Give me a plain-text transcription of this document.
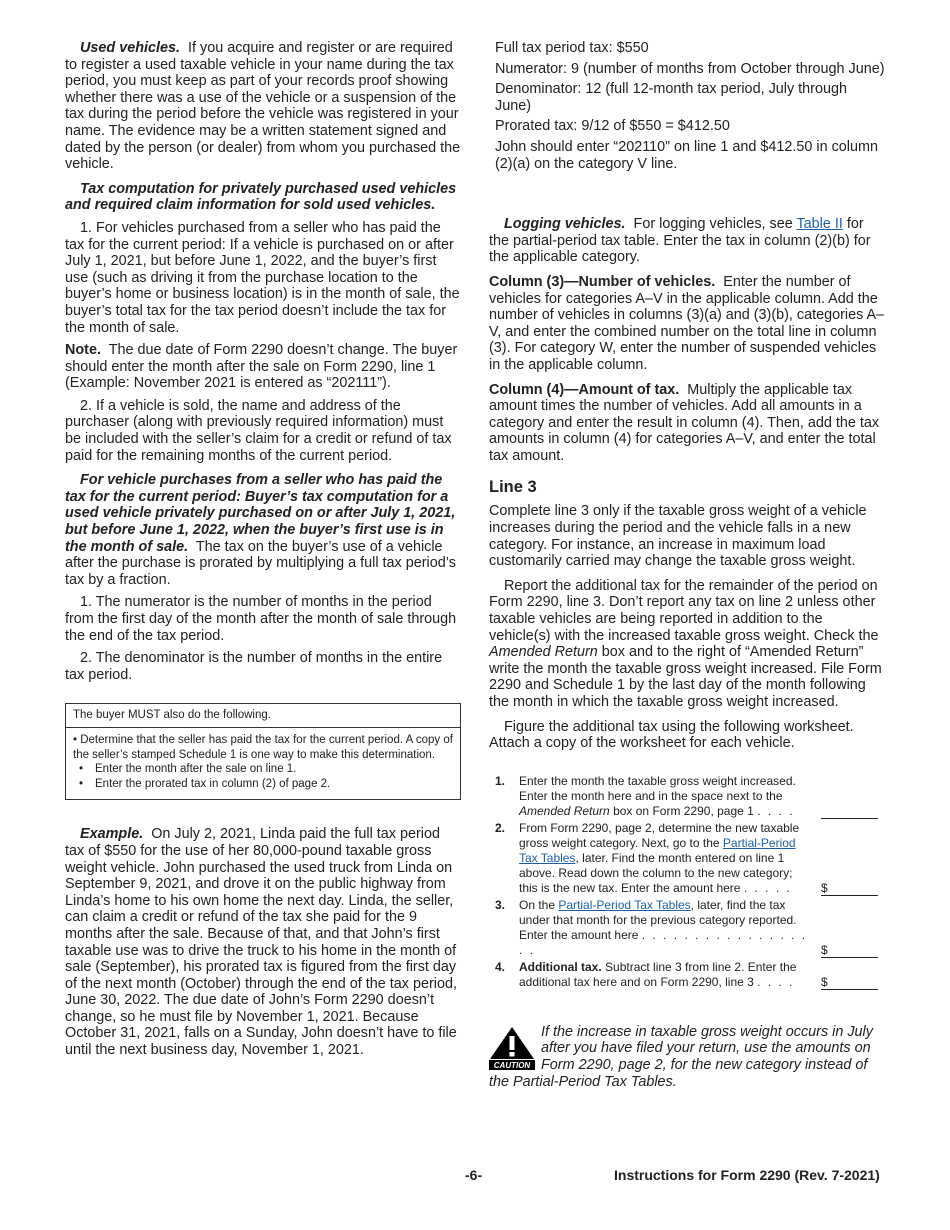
Used vehicles. If you acquire and register or are required to register a used taxable vehicle in your name during the tax period, you must keep as part of your records proof showing whether there was a use of the vehicle or a suspension of the tax during the period before the vehicle was registered in your name. The evidence may be a written statement signed and dated by the person (or dealer) from whom you purchased the vehicle.

Tax computation for privately purchased used vehicles and required claim information for sold used vehicles.

1. For vehicles purchased from a seller who has paid the tax for the current period: If a vehicle is purchased on or after July 1, 2021, but before June 1, 2022, and the buyer’s first use (such as driving it from the purchase location to the buyer’s home or business location) is in the month of sale, the buyer’s total tax for the tax period doesn’t include the tax for the month of sale.

Note. The due date of Form 2290 doesn’t change. The buyer should enter the month after the sale on Form 2290, line 1 (Example: November 2021 is entered as “202111”).

2. If a vehicle is sold, the name and address of the purchaser (along with previously required information) must be included with the seller’s claim for a credit or refund of tax paid for the remaining months of the current period.

For vehicle purchases from a seller who has paid the tax for the current period: Buyer’s tax computation for a used vehicle privately purchased on or after July 1, 2021, but before June 1, 2022, when the buyer’s first use is in the month of sale. The tax on the buyer’s use of a vehicle after the purchase is prorated by multiplying a full tax period’s tax by a fraction.

1. The numerator is the number of months in the period from the first day of the month after the month of sale through the end of the tax period.

2. The denominator is the number of months in the entire tax period.

The buyer MUST also do the following.
• Determine that the seller has paid the tax for the current period. A copy of the seller’s stamped Schedule 1 is one way to make this determination.
• Enter the month after the sale on line 1.
• Enter the prorated tax in column (2) of page 2.

Example. On July 2, 2021, Linda paid the full tax period tax of $550 for the use of her 80,000-pound taxable gross weight vehicle. John purchased the used truck from Linda on September 9, 2021, and drove it on the public highway from Linda’s home to his own home the next day. Linda, the seller, can claim a credit or refund of the tax she paid for the 9 months after the sale. Because of that, and that John’s first taxable use was to drive the truck to his home in the month of sale (September), his prorated tax is figured from the first day of the next month (October) through the end of the tax period, June 30, 2022. The due date of John’s Form 2290 doesn’t change, so he must file by November 1, 2021. Because October 31, 2021, falls on a Sunday, John doesn’t have to file until the next business day, November 1, 2021.

Full tax period tax: $550

Numerator: 9 (number of months from October through June)

Denominator: 12 (full 12-month tax period, July through June)

Prorated tax: 9/12 of $550 = $412.50

John should enter “202110” on line 1 and $412.50 in column (2)(a) on the category V line.

Logging vehicles. For logging vehicles, see Table II for the partial-period tax table. Enter the tax in column (2)(b) for the applicable category.

Column (3)—Number of vehicles. Enter the number of vehicles for categories A–V in the applicable column. Add the number of vehicles in columns (3)(a) and (3)(b), categories A–V, and enter the combined number on the total line in column (3). For category W, enter the number of suspended vehicles in the applicable column.

Column (4)—Amount of tax. Multiply the applicable tax amount times the number of vehicles. Add all amounts in a category and enter the result in column (4). Then, add the tax amounts in column (4) for categories A–V, and enter the total tax amount.

Line 3

Complete line 3 only if the taxable gross weight of a vehicle increases during the period and the vehicle falls in a new category. For instance, an increase in maximum load customarily carried may change the taxable gross weight.

Report the additional tax for the remainder of the period on Form 2290, line 3. Don’t report any tax on line 2 unless other taxable vehicles are being reported in addition to the vehicle(s) with the increased taxable gross weight. Check the Amended Return box and to the right of “Amended Return” write the month the taxable gross weight increased. File Form 2290 and Schedule 1 by the last day of the month following the month in which the taxable gross weight increased.

Figure the additional tax using the following worksheet. Attach a copy of the worksheet for each vehicle.

1.	Enter the month the taxable gross weight increased. Enter the month here and in the space next to the Amended Return box on Form 2290, page 1 . . . .
2.	From Form 2290, page 2, determine the new taxable gross weight category. Next, go to the Partial-Period Tax Tables, later. Find the month entered on line 1 above. Read down the column to the new category; this is the new tax. Enter the amount here . . . . .	$
3.	On the Partial-Period Tax Tables, later, find the tax under that month for the previous category reported. Enter the amount here . . . . . . . . . . . . . . . . . .	$
4.	Additional tax. Subtract line 3 from line 2. Enter the additional tax here and on Form 2290, line 3 . . . .	$
CAUTION
If the increase in taxable gross weight occurs in July after you have filed your return, use the amounts on Form 2290, page 2, for the new category instead of the Partial-Period Tax Tables.
-6-	Instructions for Form 2290 (Rev. 7-2021)
